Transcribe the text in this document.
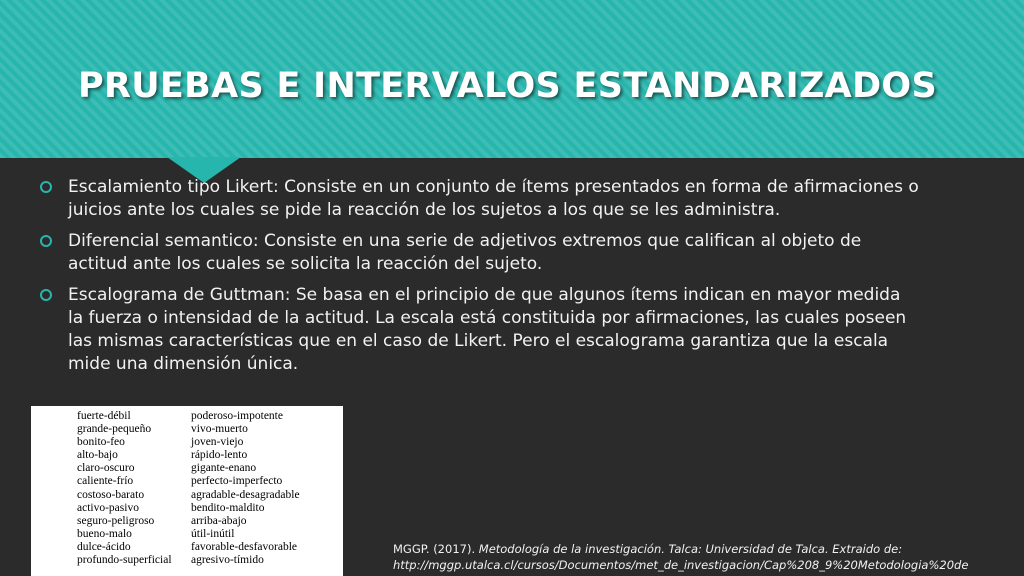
PRUEBAS E INTERVALOS ESTANDARIZADOS
Escalamiento tipo Likert: Consiste en un conjunto de ítems presentados en forma de afirmaciones o juicios ante los cuales se pide la reacción de los sujetos a los que se les administra.
Diferencial semantico: Consiste en una serie de adjetivos extremos que califican al objeto de actitud ante los cuales se solicita la reacción del sujeto.
Escalograma de Guttman: Se basa en el principio de que algunos ítems indican en mayor medida la fuerza o intensidad de la actitud. La escala está constituida por afirmaciones, las cuales poseen las mismas características que en el caso de Likert. Pero el escalograma garantiza que la escala mide una dimensión única.
fuerte-débil
grande-pequeño
bonito-feo
alto-bajo
claro-oscuro
caliente-frío
costoso-barato
activo-pasivo
seguro-peligroso
bueno-malo
dulce-ácido
profundo-superficial
poderoso-impotente
vivo-muerto
joven-viejo
rápido-lento
gigante-enano
perfecto-imperfecto
agradable-desagradable
bendito-maldito
arriba-abajo
útil-inútil
favorable-desfavorable
agresivo-tímido
MGGP. (2017). Metodología de la investigación. Talca: Universidad de Talca. Extraido de:
http://mggp.utalca.cl/cursos/Documentos/met_de_investigacion/Cap%208_9%20Metodologia%20de
